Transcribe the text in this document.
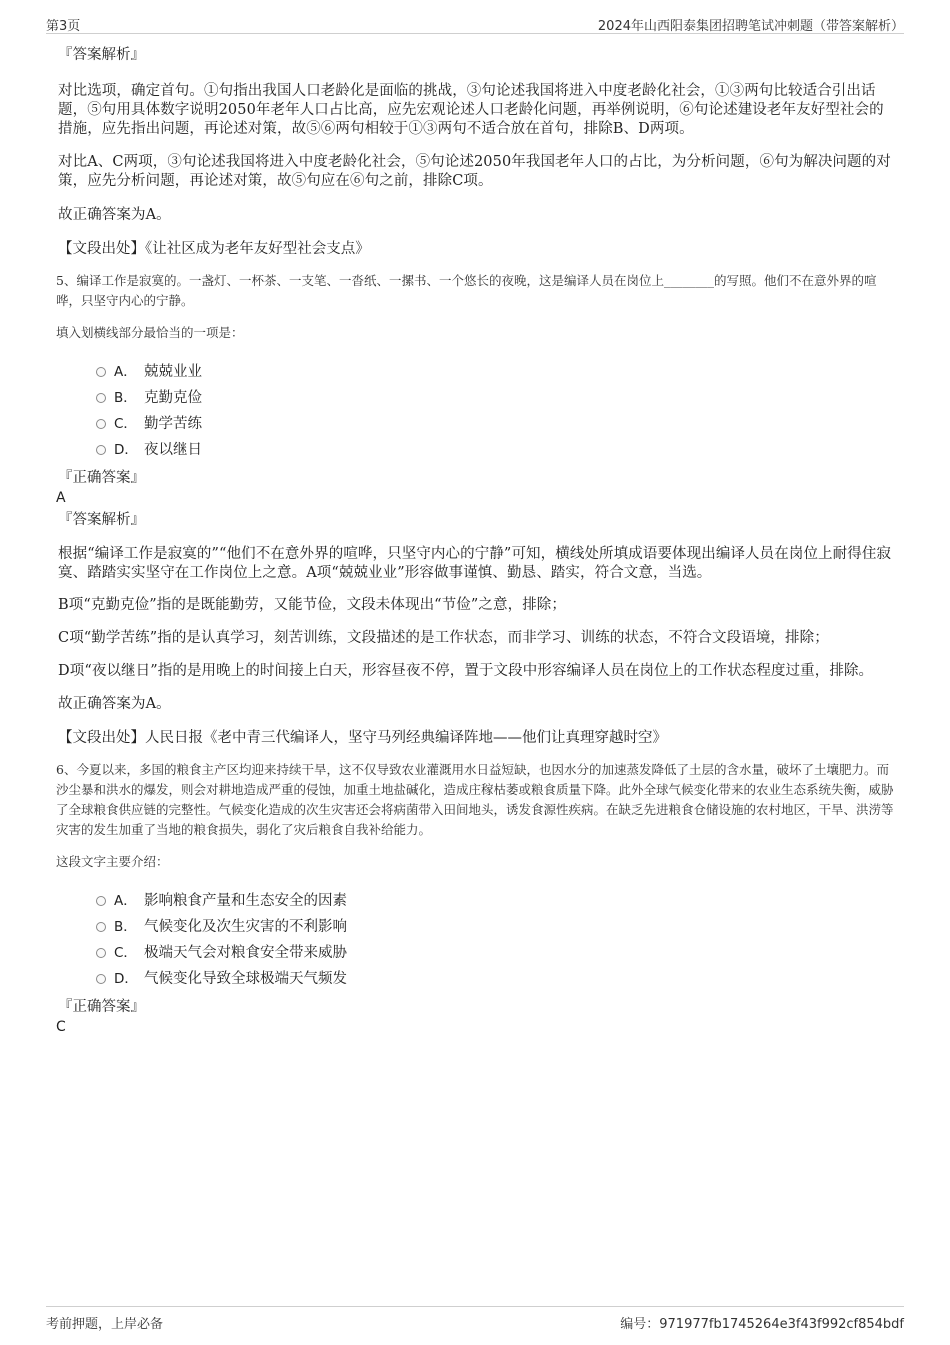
第3页	2024年山西阳泰集团招聘笔试冲刺题（带答案解析）
『答案解析』

对比选项，确定首句。①句指出我国人口老龄化是面临的挑战，③句论述我国将进入中度老龄化社会，①③两句比较适合引出话题，⑤句用具体数字说明2050年老年人口占比高，应先宏观论述人口老龄化问题，再举例说明，⑥句论述建设老年友好型社会的措施，应先指出问题，再论述对策，故⑤⑥两句相较于①③两句不适合放在首句，排除B、D两项。

对比A、C两项，③句论述我国将进入中度老龄化社会，⑤句论述2050年我国老年人口的占比，为分析问题，⑥句为解决问题的对策，应先分析问题，再论述对策，故⑤句应在⑥句之前，排除C项。

故正确答案为A。

【文段出处】《让社区成为老年友好型社会支点》

5、编译工作是寂寞的。一盏灯、一杯茶、一支笔、一沓纸、一摞书、一个悠长的夜晚，这是编译人员在岗位上________的写照。他们不在意外界的喧哗，只坚守内心的宁静。
填入划横线部分最恰当的一项是：
A． 兢兢业业
B． 克勤克俭
C． 勤学苦练
D． 夜以继日
『正确答案』
A
『答案解析』

根据“编译工作是寂寞的”“他们不在意外界的喧哗，只坚守内心的宁静”可知，横线处所填成语要体现出编译人员在岗位上耐得住寂寞、踏踏实实坚守在工作岗位上之意。A项“兢兢业业”形容做事谨慎、勤恳、踏实，符合文意，当选。

B项“克勤克俭”指的是既能勤劳，又能节俭，文段未体现出“节俭”之意，排除；

C项“勤学苦练”指的是认真学习，刻苦训练，文段描述的是工作状态，而非学习、训练的状态，不符合文段语境，排除；

D项“夜以继日”指的是用晚上的时间接上白天，形容昼夜不停，置于文段中形容编译人员在岗位上的工作状态程度过重，排除。

故正确答案为A。

【文段出处】人民日报《老中青三代编译人，坚守马列经典编译阵地——他们让真理穿越时空》

6、今夏以来，多国的粮食主产区均迎来持续干旱，这不仅导致农业灌溉用水日益短缺，也因水分的加速蒸发降低了土层的含水量，破坏了土壤肥力。而沙尘暴和洪水的爆发，则会对耕地造成严重的侵蚀，加重土地盐碱化，造成庄稼枯萎或粮食质量下降。此外全球气候变化带来的农业生态系统失衡，威胁了全球粮食供应链的完整性。气候变化造成的次生灾害还会将病菌带入田间地头，诱发食源性疾病。在缺乏先进粮食仓储设施的农村地区，干旱、洪涝等灾害的发生加重了当地的粮食损失，弱化了灾后粮食自我补给能力。
这段文字主要介绍：
A． 影响粮食产量和生态安全的因素
B． 气候变化及次生灾害的不利影响
C． 极端天气会对粮食安全带来威胁
D． 气候变化导致全球极端天气频发
『正确答案』
C
考前押题，上岸必备	编号：971977fb1745264e3f43f992cf854bdf
